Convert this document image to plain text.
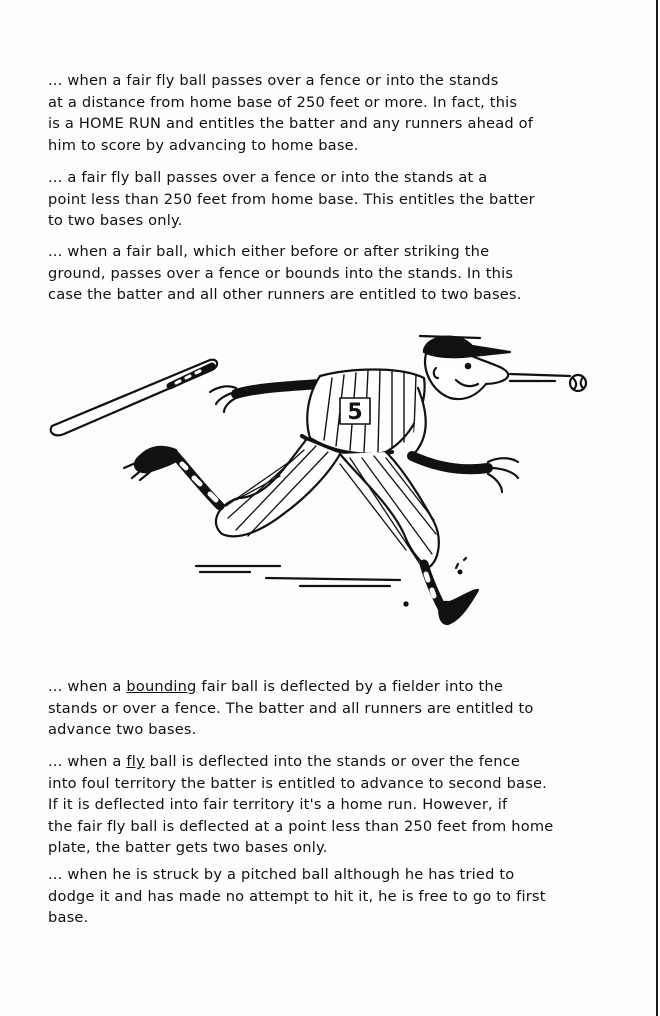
... when a fair fly ball passes over a fence or into the stands
at a distance from home base of 250 feet or more. In fact, this
is a HOME RUN and entitles the batter and any runners ahead of
him to score by advancing to home base.

... a fair fly ball passes over a fence or into the stands at a
point less than 250 feet from home base. This entitles the batter
to two bases only.

... when a fair ball, which either before or after striking the
ground, passes over a fence or bounds into the stands. In this
case the batter and all other runners are entitled to two bases.

5

... when a bounding fair ball is deflected by a fielder into the
stands or over a fence. The batter and all runners are entitled to
advance two bases.

... when a fly ball is deflected into the stands or over the fence
into foul territory the batter is entitled to advance to second base.
If it is deflected into fair territory it's a home run. However, if
the fair fly ball is deflected at a point less than 250 feet from home
plate, the batter gets two bases only.

... when he is struck by a pitched ball although he has tried to
dodge it and has made no attempt to hit it, he is free to go to first
base.
